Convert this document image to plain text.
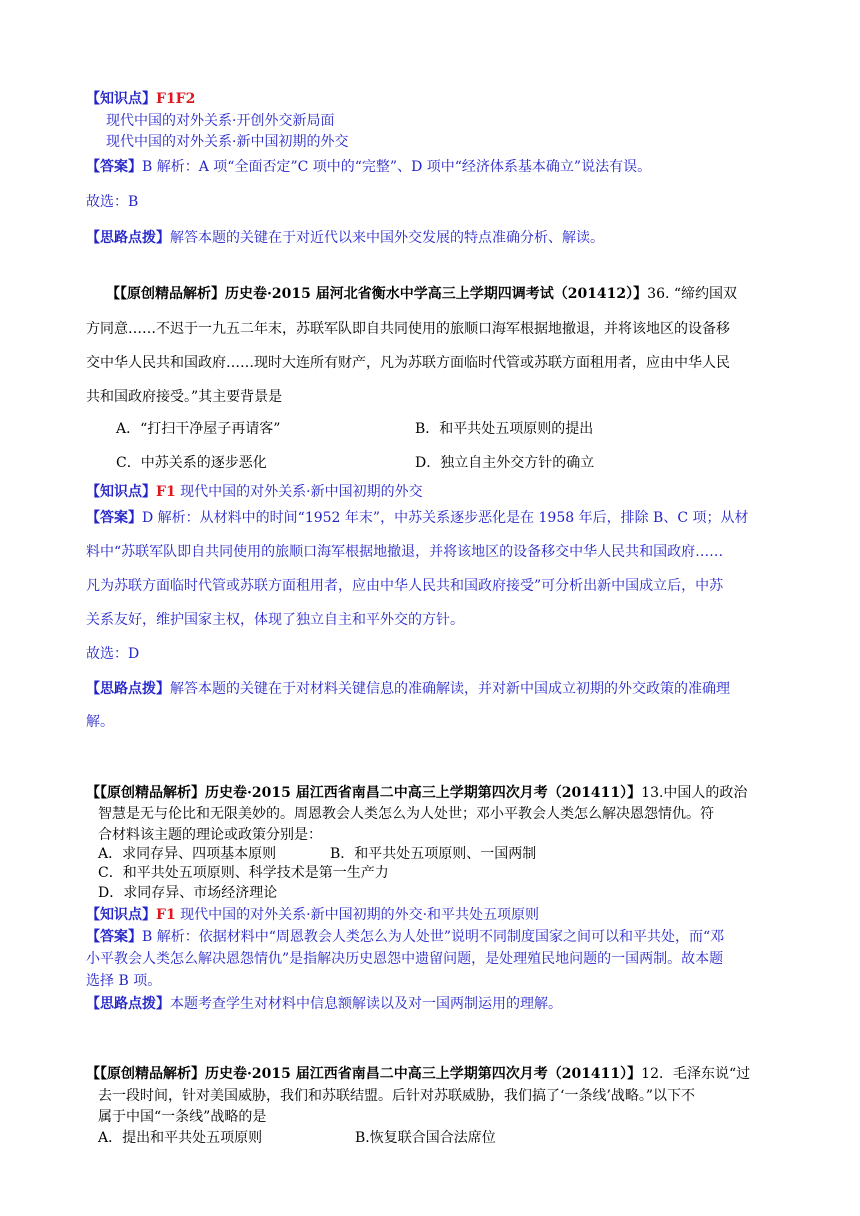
【知识点】F1F2
现代中国的对外关系·开创外交新局面
现代中国的对外关系·新中国初期的外交
【答案】B 解析：A 项“全面否定”C 项中的“完整”、D 项中“经济体系基本确立”说法有误。
故选：B
【思路点拨】解答本题的关键在于对近代以来中国外交发展的特点准确分析、解读。
【【原创精品解析】历史卷·2015 届河北省衡水中学高三上学期四调考试（201412）】36. “缔约国双
方同意……不迟于一九五二年末，苏联军队即自共同使用的旅顺口海军根据地撤退，并将该地区的设备移
交中华人民共和国政府……现时大连所有财产，凡为苏联方面临时代管或苏联方面租用者，应由中华人民
共和国政府接受。”其主要背景是
A．“打扫干净屋子再请客”	B．和平共处五项原则的提出
C．中苏关系的逐步恶化	D．独立自主外交方针的确立
【知识点】F1 现代中国的对外关系·新中国初期的外交
【答案】D 解析：从材料中的时间“1952 年末”，中苏关系逐步恶化是在 1958 年后，排除 B、C 项；从材
料中“苏联军队即自共同使用的旅顺口海军根据地撤退，并将该地区的设备移交中华人民共和国政府……
凡为苏联方面临时代管或苏联方面租用者，应由中华人民共和国政府接受”可分析出新中国成立后，中苏
关系友好，维护国家主权，体现了独立自主和平外交的方针。
故选：D
【思路点拨】解答本题的关键在于对材料关键信息的准确解读，并对新中国成立初期的外交政策的准确理
解。
【【原创精品解析】历史卷·2015 届江西省南昌二中高三上学期第四次月考（201411）】13.中国人的政治
智慧是无与伦比和无限美妙的。周恩教会人类怎么为人处世；邓小平教会人类怎么解决恩怨情仇。符
合材料该主题的理论或政策分别是：
A．求同存异、四项基本原则	B．和平共处五项原则、一国两制
C．和平共处五项原则、科学技术是第一生产力
D．求同存异、市场经济理论
【知识点】F1 现代中国的对外关系·新中国初期的外交·和平共处五项原则
【答案】B 解析：依据材料中“周恩教会人类怎么为人处世”说明不同制度国家之间可以和平共处，而“邓
小平教会人类怎么解决恩怨情仇”是指解决历史恩怨中遗留问题，是处理殖民地问题的一国两制。故本题
选择 B 项。
【思路点拨】本题考查学生对材料中信息额解读以及对一国两制运用的理解。
【【原创精品解析】历史卷·2015 届江西省南昌二中高三上学期第四次月考（201411）】12．毛泽东说“过
去一段时间，针对美国威胁，我们和苏联结盟。后针对苏联威胁，我们搞了‘一条线’战略。”以下不
属于中国“一条线”战略的是
A．提出和平共处五项原则	B.恢复联合国合法席位
